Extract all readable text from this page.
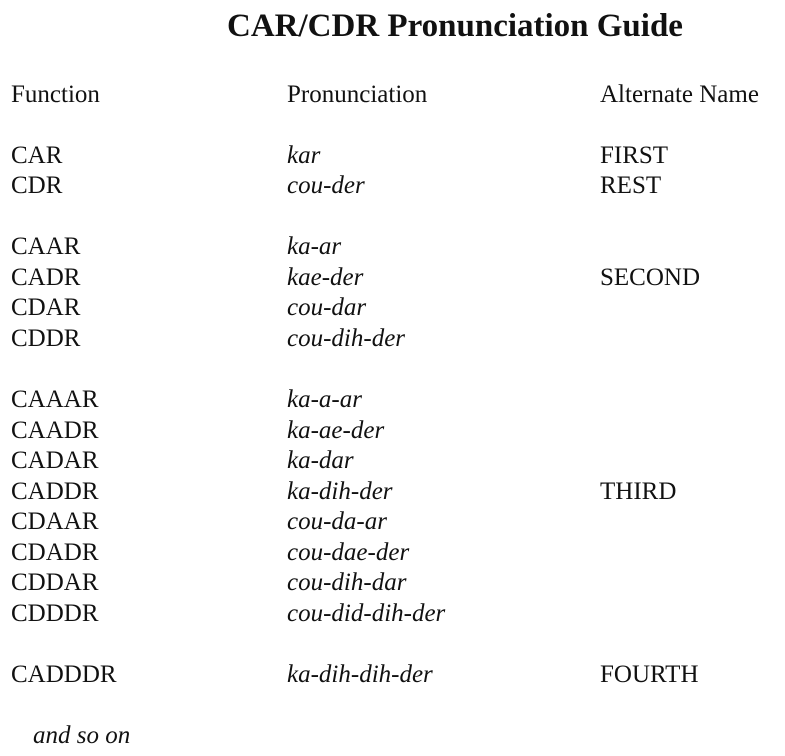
CAR/CDR Pronunciation Guide
Function	Pronunciation	Alternate Name
CAR	kar	FIRST
CDR	cou-der	REST
CAAR	ka-ar
CADR	kae-der	SECOND
CDAR	cou-dar
CDDR	cou-dih-der
CAAAR	ka-a-ar
CAADR	ka-ae-der
CADAR	ka-dar
CADDR	ka-dih-der	THIRD
CDAAR	cou-da-ar
CDADR	cou-dae-der
CDDAR	cou-dih-dar
CDDDR	cou-did-dih-der
CADDDR	ka-dih-dih-der	FOURTH
and so on
